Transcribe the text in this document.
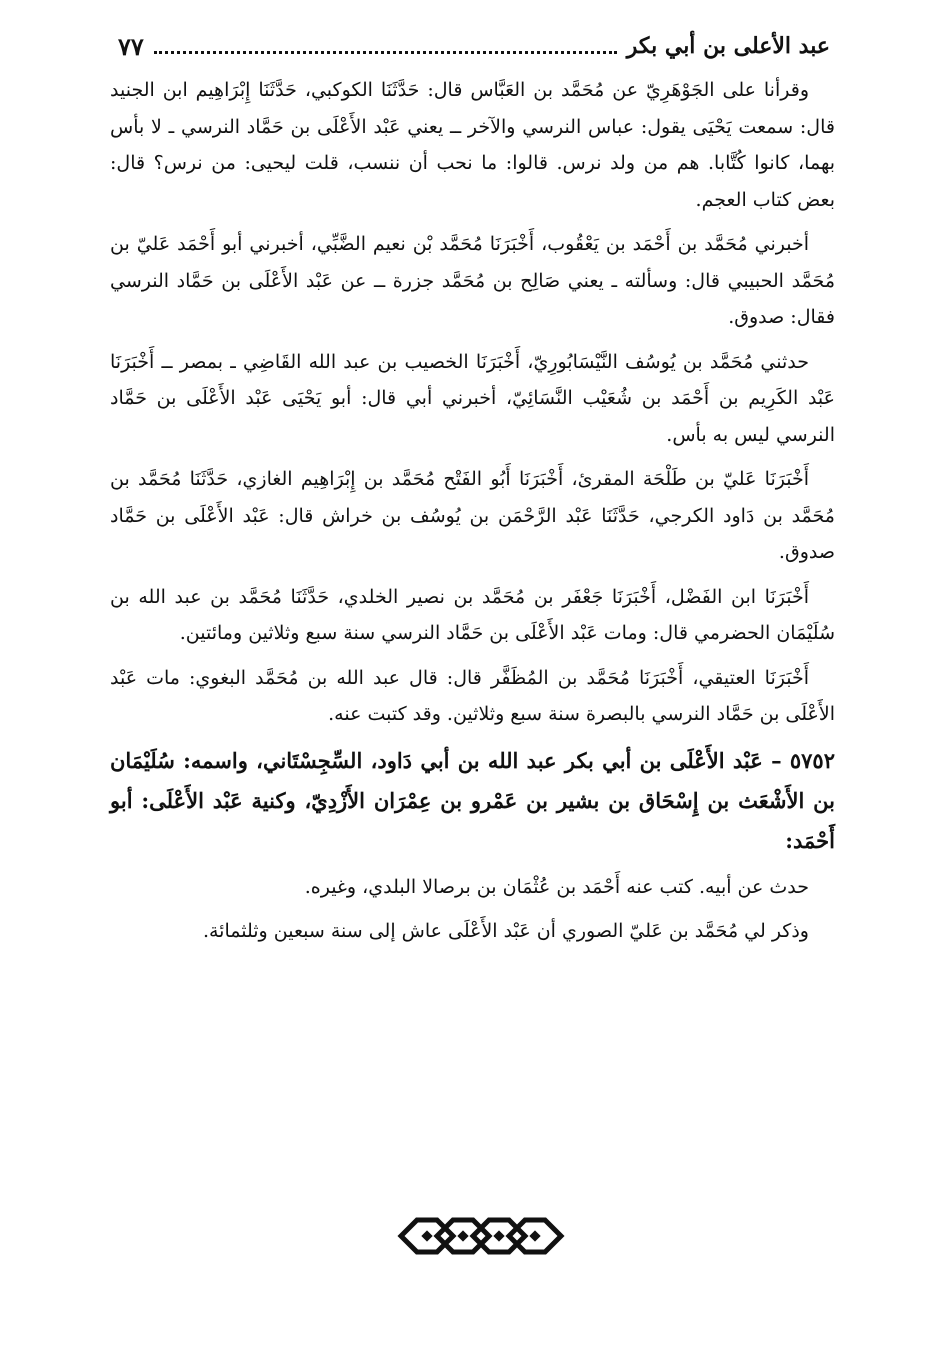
عبد الأعلى بن أبي بكر
٧٧

وقرأنا على الجَوْهَرِيّ عن مُحَمَّد بن العَبَّاس قال: حَدَّثَنَا الكوكبي، حَدَّثَنَا إِبْرَاهِيم ابن الجنيد قال: سمعت يَحْيَى يقول: عباس النرسي والآخر ــ يعني عَبْد الأَعْلَى بن حَمَّاد النرسي ـ لا بأس بهما، كانوا كُتَّابا. هم من ولد نرس. قالوا: ما نحب أن ننسب، قلت ليحيى: من نرس؟ قال: بعض كتاب العجم.

أخبرني مُحَمَّد بن أَحْمَد بن يَعْقُوب، أَخْبَرَنَا مُحَمَّد بْن نعيم الضَّبِّي، أخبرني أبو أَحْمَد عَليّ بن مُحَمَّد الحبيبي قال: وسألته ـ يعني صَالِح بن مُحَمَّد جزرة ــ عن عَبْد الأَعْلَى بن حَمَّاد النرسي فقال: صدوق.

حدثني مُحَمَّد بن يُوسُف النَّيْسَابُورِيّ، أَخْبَرَنَا الخصيب بن عبد الله القَاضِي ـ بمصر ــ أَخْبَرَنَا عَبْد الكَرِيم بن أَحْمَد بن شُعَيْب النَّسَائِيّ، أخبرني أبي قال: أبو يَحْيَى عَبْد الأَعْلَى بن حَمَّاد النرسي ليس به بأس.

أَخْبَرَنَا عَليّ بن طَلْحَة المقرئ، أَخْبَرَنَا أَبُو الفَتْح مُحَمَّد بن إِبْرَاهِيم الغازي، حَدَّثَنَا مُحَمَّد بن مُحَمَّد بن دَاود الكرجي، حَدَّثَنَا عَبْد الرَّحْمَن بن يُوسُف بن خراش قال: عَبْد الأَعْلَى بن حَمَّاد صدوق.

أَخْبَرَنَا ابن الفَضْل، أَخْبَرَنَا جَعْفَر بن مُحَمَّد بن نصير الخلدي، حَدَّثَنَا مُحَمَّد بن عبد الله بن سُلَيْمَان الحضرمي قال: ومات عَبْد الأَعْلَى بن حَمَّاد النرسي سنة سبع وثلاثين ومائتين.

أَخْبَرَنَا العتيقي، أَخْبَرَنَا مُحَمَّد بن المُظَفَّر قال: قال عبد الله بن مُحَمَّد البغوي: مات عَبْد الأَعْلَى بن حَمَّاد النرسي بالبصرة سنة سبع وثلاثين. وقد كتبت عنه.

٥٧٥٢ – عَبْد الأَعْلَى بن أبي بكر عبد الله بن أبي دَاود، السِّجِسْتَاني، واسمه: سُلَيْمَان بن الأَشْعَث بن إِسْحَاق بن بشير بن عَمْرو بن عِمْرَان الأَزْدِيّ، وكنية عَبْد الأَعْلَى: أبو أَحْمَد:

حدث عن أبيه. كتب عنه أَحْمَد بن عُثْمَان بن برصالا البلدي، وغيره.

وذكر لي مُحَمَّد بن عَليّ الصوري أن عَبْد الأَعْلَى عاش إلى سنة سبعين وثلثمائة.
